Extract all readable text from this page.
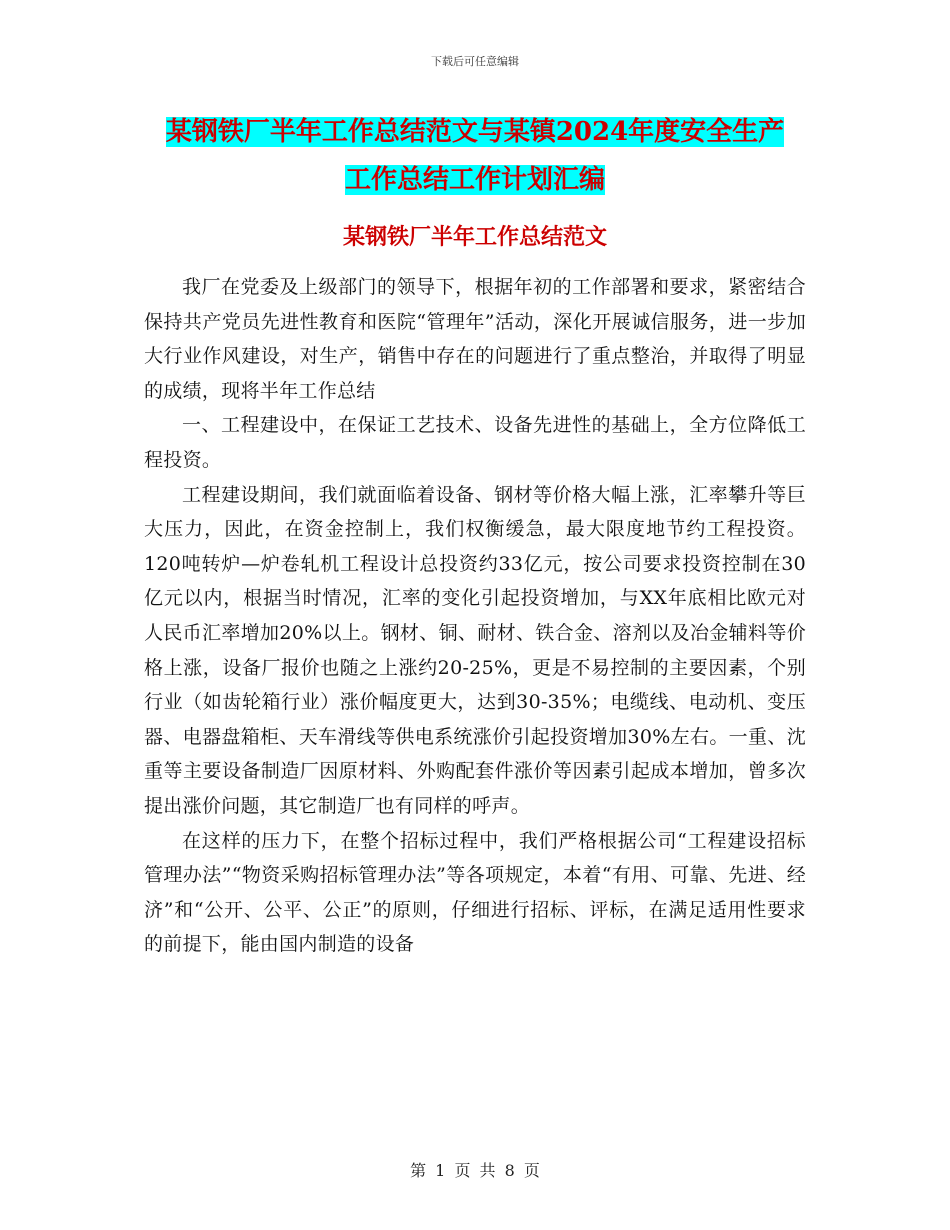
下载后可任意编辑
某钢铁厂半年工作总结范文与某镇2024年度安全生产
工作总结工作计划汇编
某钢铁厂半年工作总结范文

我厂在党委及上级部门的领导下，根据年初的工作部署和要求，紧密结合保持共产党员先进性教育和医院“管理年”活动，深化开展诚信服务，进一步加大行业作风建设，对生产，销售中存在的问题进行了重点整治，并取得了明显的成绩，现将半年工作总结

一、工程建设中，在保证工艺技术、设备先进性的基础上，全方位降低工程投资。

工程建设期间，我们就面临着设备、钢材等价格大幅上涨，汇率攀升等巨大压力，因此，在资金控制上，我们权衡缓急，最大限度地节约工程投资。120吨转炉—炉卷轧机工程设计总投资约33亿元，按公司要求投资控制在30亿元以内，根据当时情况，汇率的变化引起投资增加，与XX年底相比欧元对人民币汇率增加20%以上。钢材、铜、耐材、铁合金、溶剂以及冶金辅料等价格上涨，设备厂报价也随之上涨约20-25%，更是不易控制的主要因素，个别行业（如齿轮箱行业）涨价幅度更大，达到30-35%；电缆线、电动机、变压器、电器盘箱柜、天车滑线等供电系统涨价引起投资增加30%左右。一重、沈重等主要设备制造厂因原材料、外购配套件涨价等因素引起成本增加，曾多次提出涨价问题，其它制造厂也有同样的呼声。

在这样的压力下，在整个招标过程中，我们严格根据公司“工程建设招标管理办法”“物资采购招标管理办法”等各项规定，本着“有用、可靠、先进、经济”和“公开、公平、公正”的原则，仔细进行招标、评标，在满足适用性要求的前提下，能由国内制造的设备

第 1 页 共 8 页
